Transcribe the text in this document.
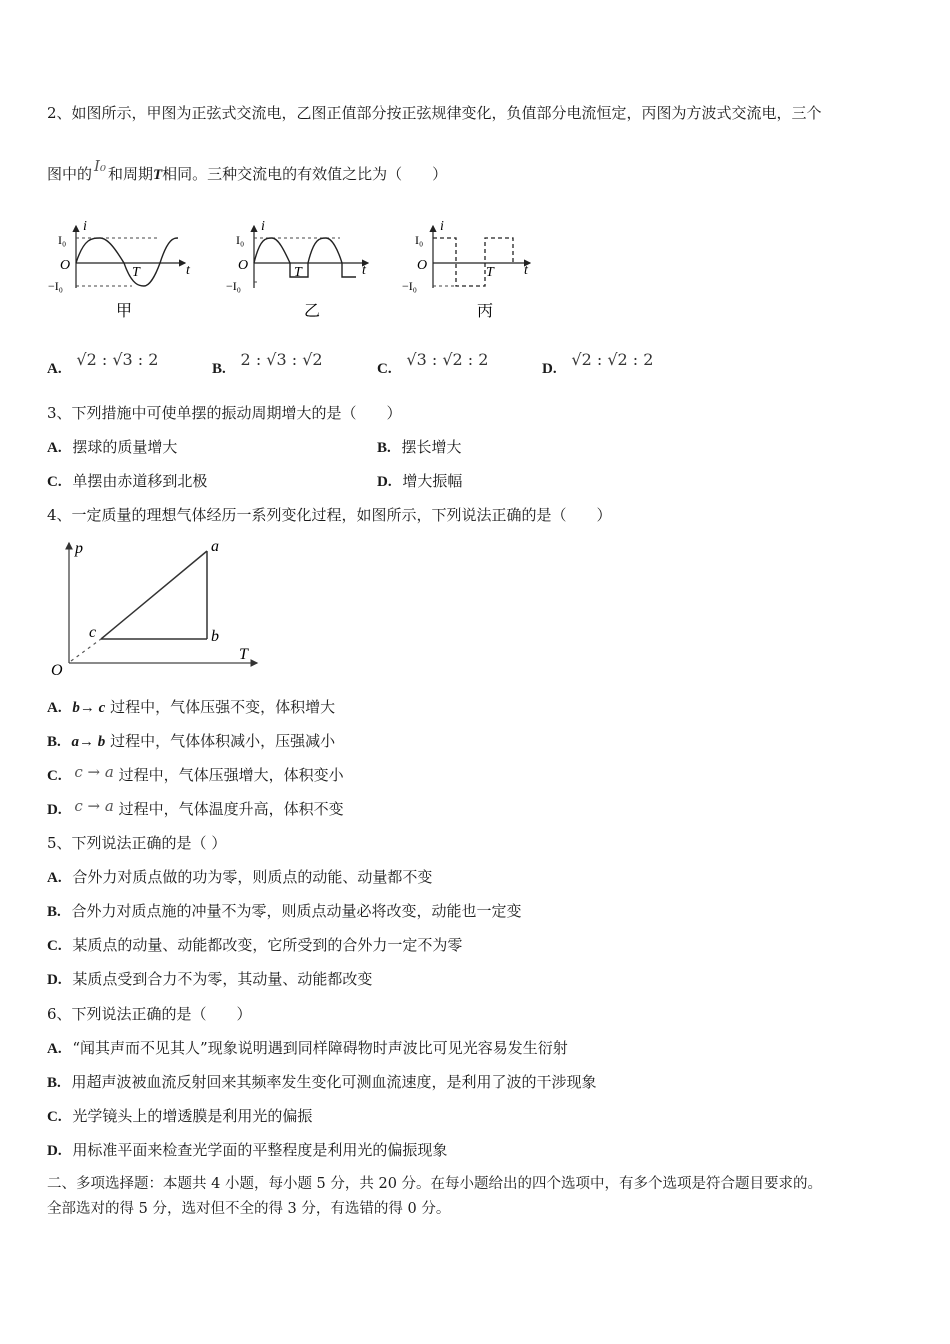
2、如图所示，甲图为正弦式交流电，乙图正值部分按正弦规律变化，负值部分电流恒定，丙图为方波式交流电，三个
图中的 I₀ 和周期T相同。三种交流电的有效值之比为（　　）
i
I₀
O
−I₀
T	t
甲
i
I₀
O
−I₀
T	t
乙
i
I₀
O
−I₀
T t
丙
A. √2 : √3 : 2	B. 2 : √3 : √2	C. √3 : √2 : 2	D. √2 : √2 : 2
3、下列措施中可使单摆的振动周期增大的是（　　）
A. 摆球的质量增大	B. 摆长增大
C. 单摆由赤道移到北极	D. 增大振幅
4、一定质量的理想气体经历一系列变化过程，如图所示，下列说法正确的是（　　）
p
T
O
a
b
c
A. b→ c 过程中，气体压强不变，体积增大
B. a→ b 过程中，气体体积减小，压强减小
C. c → a 过程中，气体压强增大，体积变小
D. c → a 过程中，气体温度升高，体积不变
5、下列说法正确的是（ ）
A. 合外力对质点做的功为零，则质点的动能、动量都不变
B. 合外力对质点施的冲量不为零，则质点动量必将改变，动能也一定变
C. 某质点的动量、动能都改变，它所受到的合外力一定不为零
D. 某质点受到合力不为零，其动量、动能都改变
6、下列说法正确的是（　　）
A. “闻其声而不见其人”现象说明遇到同样障碍物时声波比可见光容易发生衍射
B. 用超声波被血流反射回来其频率发生变化可测血流速度，是利用了波的干涉现象
C. 光学镜头上的增透膜是利用光的偏振
D. 用标准平面来检查光学面的平整程度是利用光的偏振现象
二、多项选择题：本题共 4 小题，每小题 5 分，共 20 分。在每小题给出的四个选项中，有多个选项是符合题目要求的。
全部选对的得 5 分，选对但不全的得 3 分，有选错的得 0 分。
